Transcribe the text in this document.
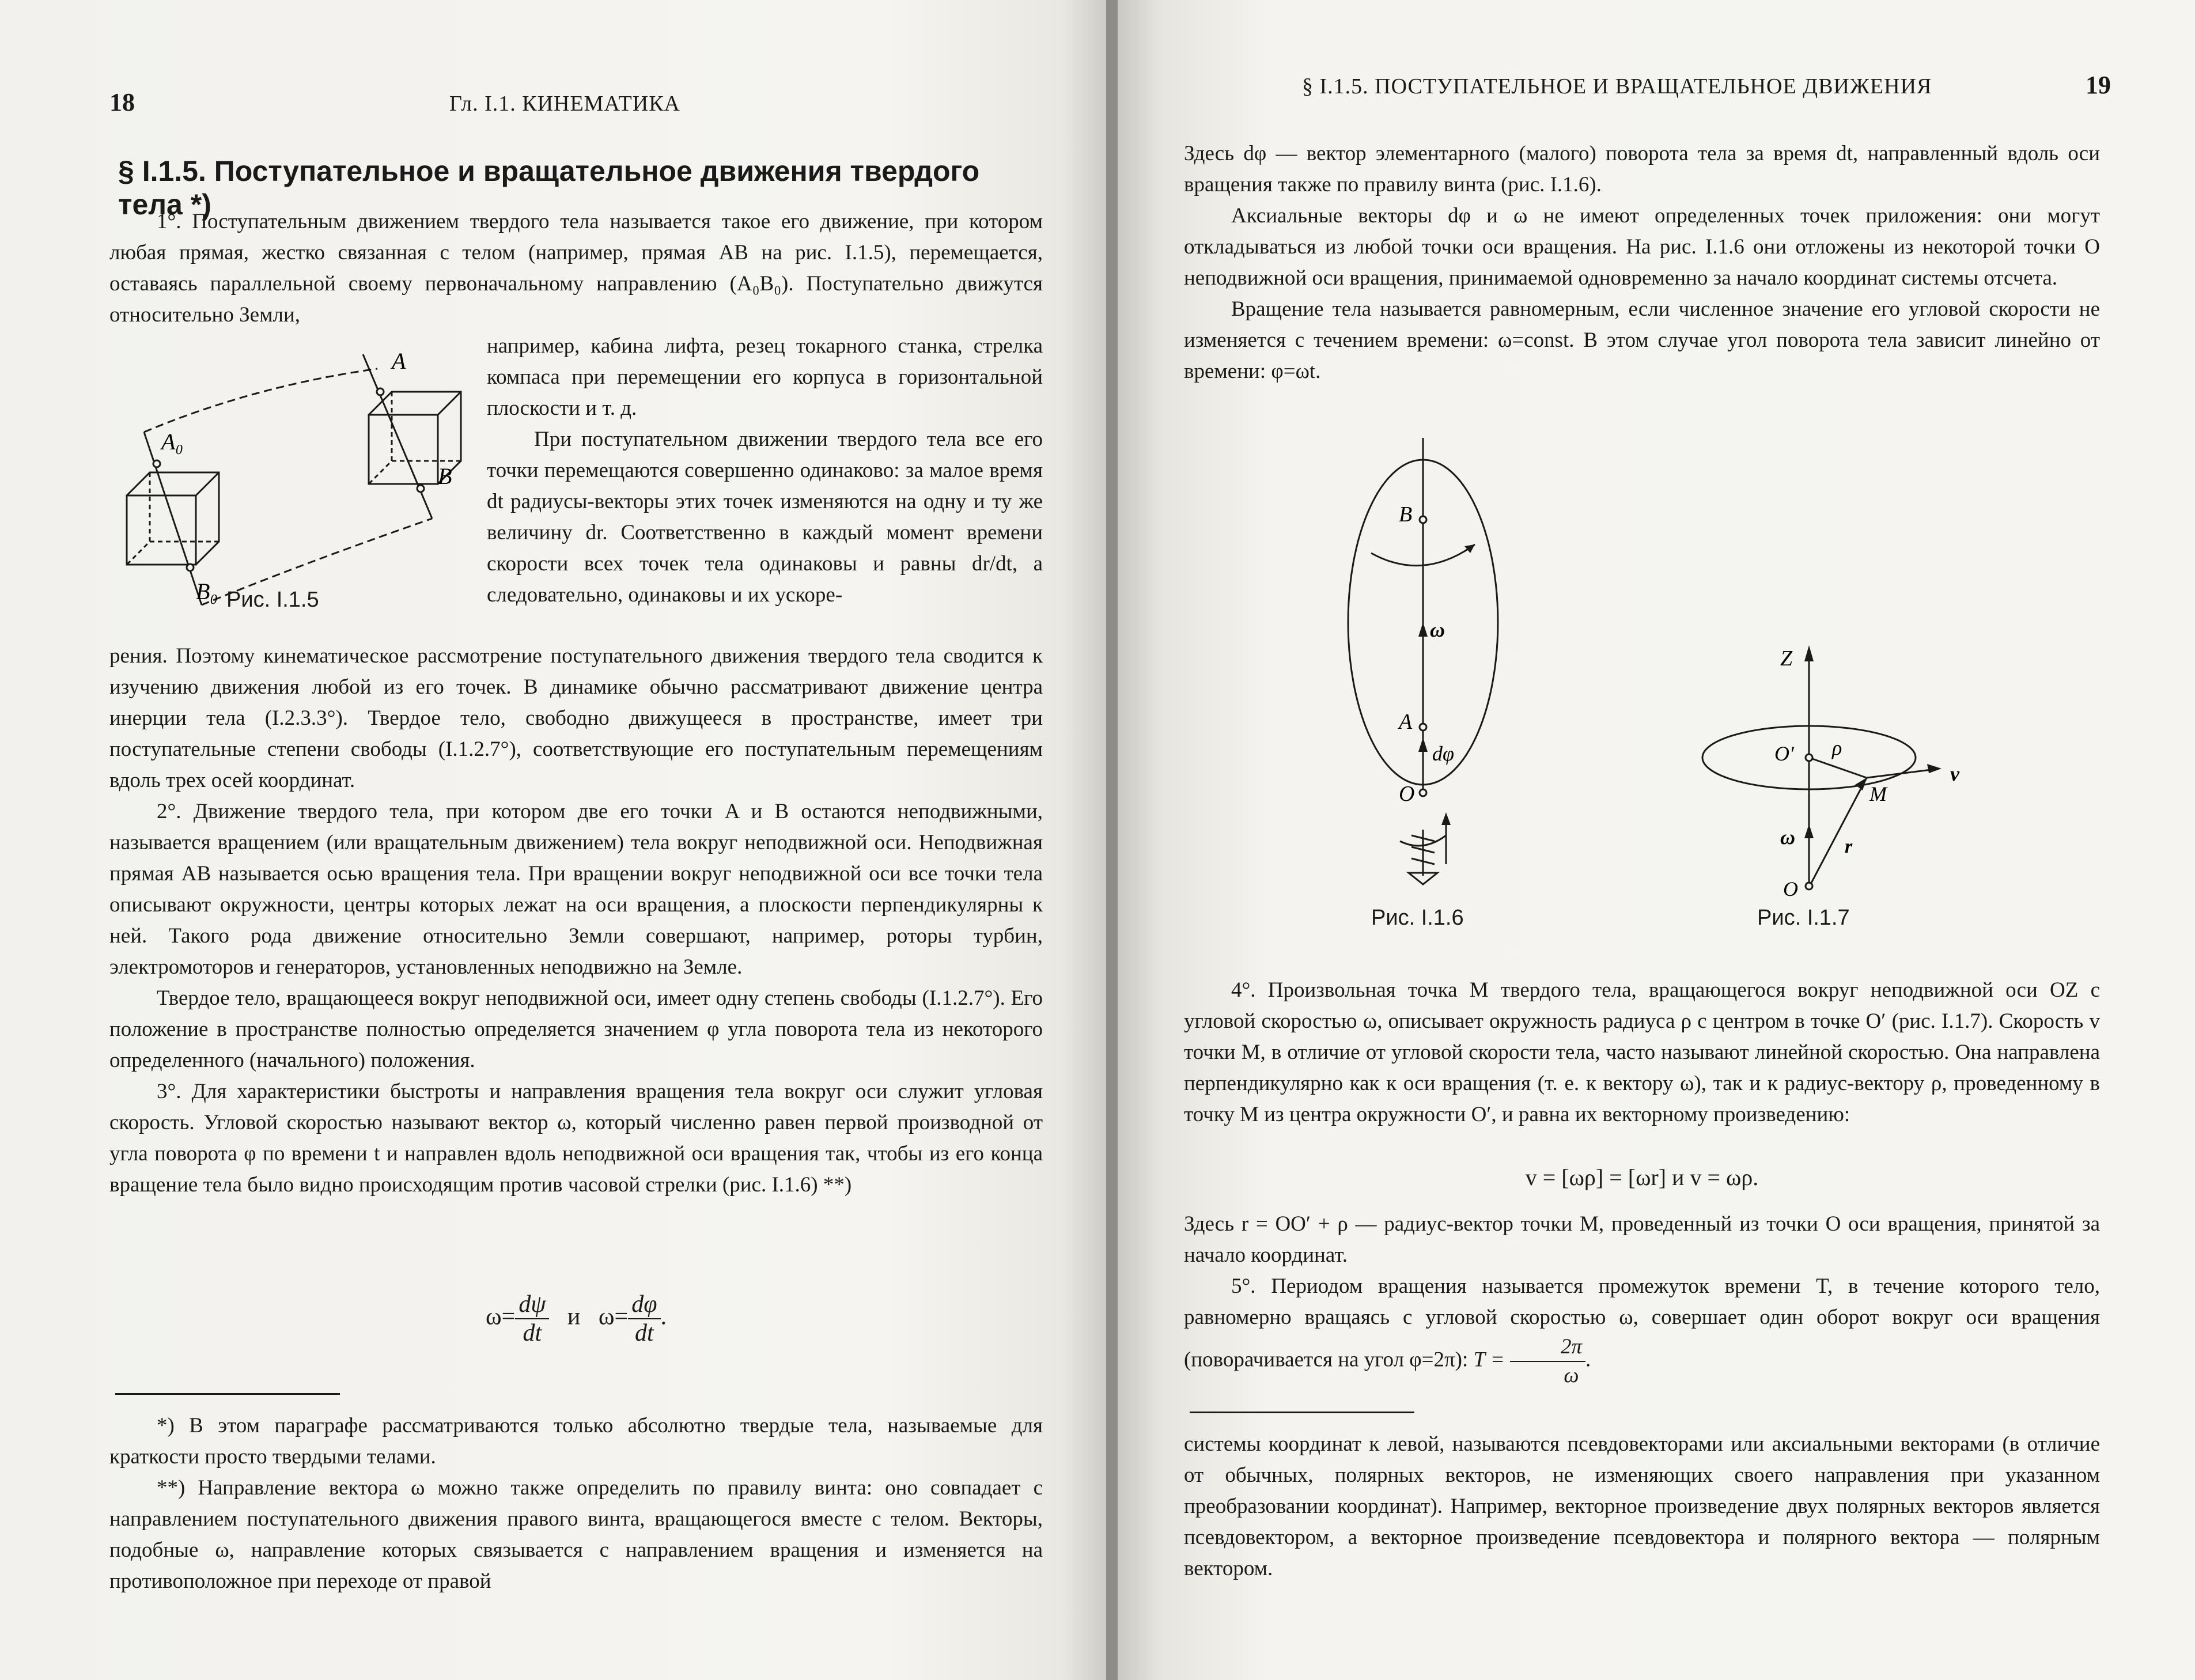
18	Гл. I.1. КИНЕМАТИКА
§ I.1.5. Поступательное и вращательное движения твердого тела *)

1°. Поступательным движением твердого тела называется такое его движение, при котором любая прямая, жестко связанная с телом (например, прямая AB на рис. I.1.5), перемещается, оставаясь параллельной своему первоначальному направлению (A₀B₀). Поступательно движутся относительно Земли,

A₀
B₀
A
B
Рис. I.1.5

например, кабина лифта, резец токарного станка, стрелка компаса при перемещении его корпуса в горизонтальной плоскости и т. д.

При поступательном движении твердого тела все его точки перемещаются совершенно одинаково: за малое время dt радиусы-векторы этих точек изменяются на одну и ту же величину dr. Соответственно в каждый момент времени скорости всех точек тела одинаковы и равны dr/dt, а следовательно, одинаковы и их ускоре-

рения. Поэтому кинематическое рассмотрение поступательного движения твердого тела сводится к изучению движения любой из его точек. В динамике обычно рассматривают движение центра инерции тела (I.2.3.3°). Твердое тело, свободно движущееся в пространстве, имеет три поступательные степени свободы (I.1.2.7°), соответствующие его поступательным перемещениям вдоль трех осей координат.

2°. Движение твердого тела, при котором две его точки A и B остаются неподвижными, называется вращением (или вращательным движением) тела вокруг неподвижной оси. Неподвижная прямая AB называется осью вращения тела. При вращении вокруг неподвижной оси все точки тела описывают окружности, центры которых лежат на оси вращения, а плоскости перпендикулярны к ней. Такого рода движение относительно Земли совершают, например, роторы турбин, электромоторов и генераторов, установленных неподвижно на Земле.

Твердое тело, вращающееся вокруг неподвижной оси, имеет одну степень свободы (I.1.2.7°). Его положение в пространстве полностью определяется значением φ угла поворота тела из некоторого определенного (начального) положения.

3°. Для характеристики быстроты и направления вращения тела вокруг оси служит угловая скорость. Угловой скоростью называют вектор ω, который численно равен первой производной от угла поворота φ по времени t и направлен вдоль неподвижной оси вращения так, чтобы из его конца вращение тела было видно происходящим против часовой стрелки (рис. I.1.6) **)

$\omega= \frac{d\psi}{dt}$ и $\omega= \frac{d\varphi}{dt}$ .

*) В этом параграфе рассматриваются только абсолютно твердые тела, называемые для краткости просто твердыми телами.

**) Направление вектора ω можно также определить по правилу винта: оно совпадает с направлением поступательного движения правого винта, вращающегося вместе с телом. Векторы, подобные ω, направление которых связывается с направлением вращения и изменяется на противоположное при переходе от правой

§ I.1.5. ПОСТУПАТЕЛЬНОЕ И ВРАЩАТЕЛЬНОЕ ДВИЖЕНИЯ	19

Здесь dφ — вектор элементарного (малого) поворота тела за время dt, направленный вдоль оси вращения также по правилу винта (рис. I.1.6).

Аксиальные векторы dφ и ω не имеют определенных точек приложения: они могут откладываться из любой точки оси вращения. На рис. I.1.6 они отложены из некоторой точки O неподвижной оси вращения, принимаемой одновременно за начало координат системы отсчета.

Вращение тела называется равномерным, если численное значение его угловой скорости не изменяется с течением времени: ω=const. В этом случае угол поворота тела зависит линейно от времени: φ=ωt.

B
A
O
ω
dφ
Рис. I.1.6
Z
O′ ρ
M
v
ω	r
O
Рис. I.1.7

4°. Произвольная точка M твердого тела, вращающегося вокруг неподвижной оси OZ с угловой скоростью ω, описывает окружность радиуса ρ с центром в точке O′ (рис. I.1.7). Скорость v точки M, в отличие от угловой скорости тела, часто называют линейной скоростью. Она направлена перпендикулярно как к оси вращения (т. е. к вектору ω), так и к радиус-вектору ρ, проведенному в точку M из центра окружности O′, и равна их векторному произведению:

v = [ωρ] = [ωr] и v = ωρ.

Здесь r = OO′ + ρ — радиус-вектор точки M, проведенный из точки O оси вращения, принятой за начало координат.

5°. Периодом вращения называется промежуток времени T, в течение которого тело, равномерно вращаясь с угловой скоростью ω, совершает один оборот вокруг оси вращения (поворачивается на угол φ=2π): $T = \frac{2\pi}{\omega}$ .

системы координат к левой, называются псевдовекторами или аксиальными векторами (в отличие от обычных, полярных векторов, не изменяющих своего направления при указанном преобразовании координат). Например, векторное произведение двух полярных векторов является псевдовектором, а векторное произведение псевдовектора и полярного вектора — полярным вектором.
